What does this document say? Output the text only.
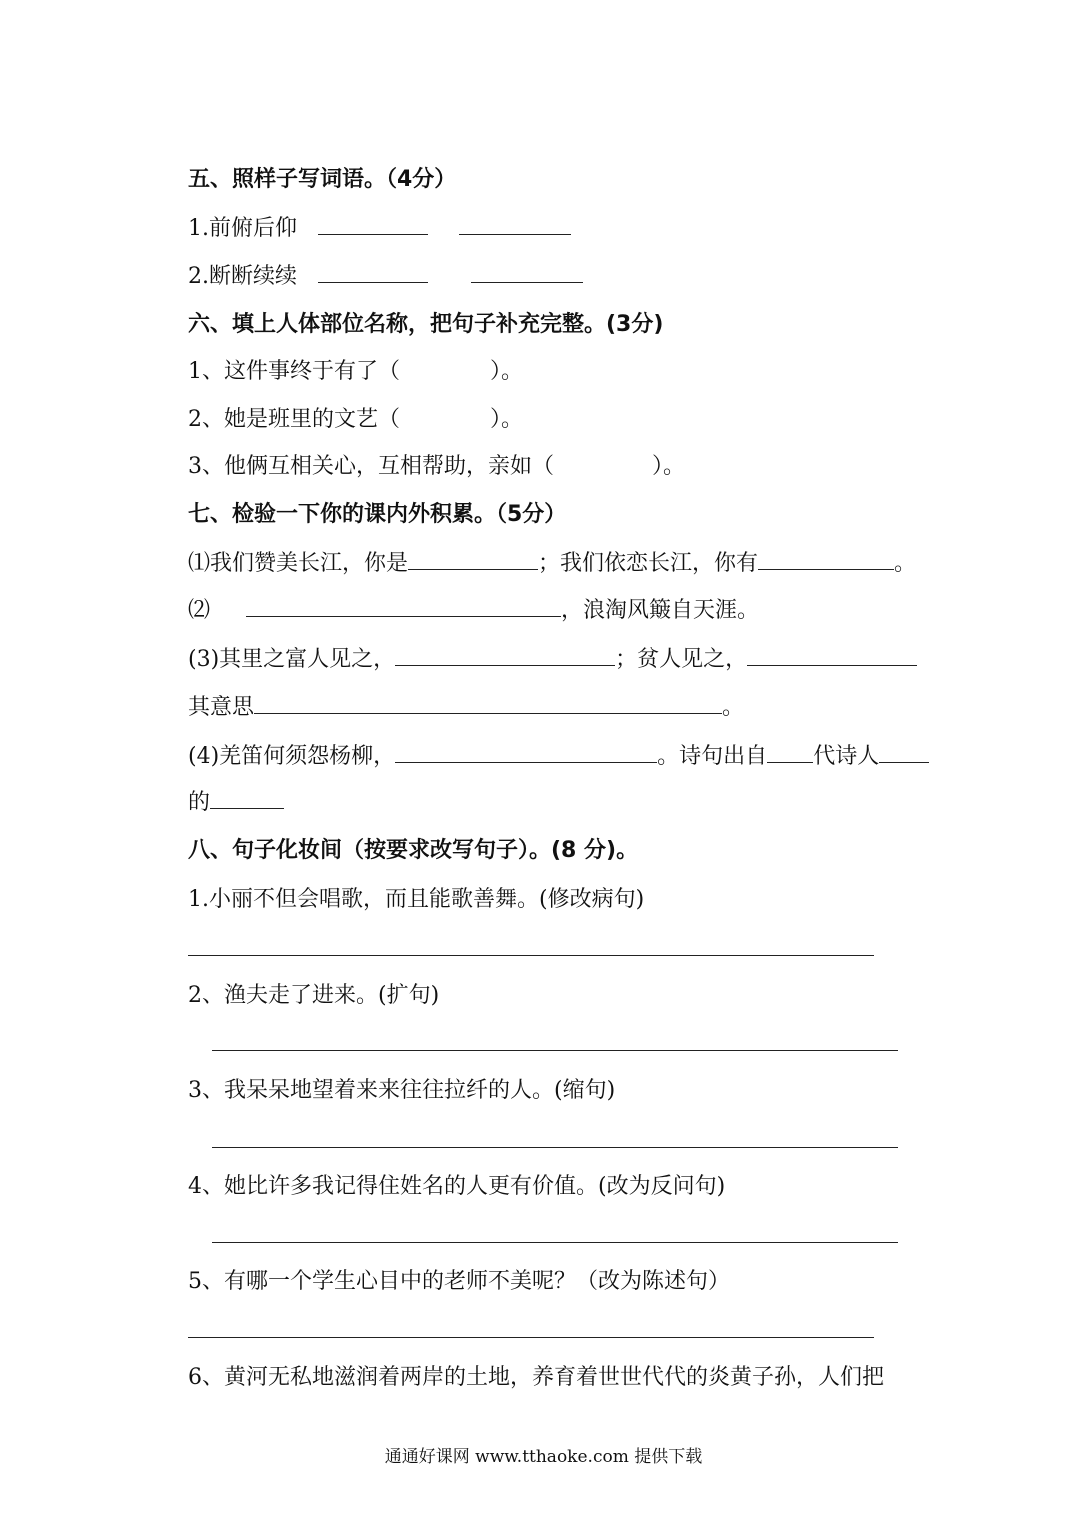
五、照样子写词语。（4分）
1.前俯后仰
2.断断续续
六、填上人体部位名称，把句子补充完整。(3分)
1、这件事终于有了（	）。
2、她是班里的文艺（	）。
3、他俩互相关心，互相帮助，亲如（	）。
七、检验一下你的课内外积累。（5分）
⑴我们赞美长江，你是	；我们依恋长江，你有	。
⑵	，浪淘风簸自天涯。
(3)其里之富人见之，	；贫人见之，
其意思	。
(4)羌笛何须怨杨柳，	。诗句出自 代诗人
的
八、句子化妆间（按要求改写句子）。(8 分)。
1.小丽不但会唱歌，而且能歌善舞。(修改病句)
2、渔夫走了进来。(扩句)
3、我呆呆地望着来来往往拉纤的人。(缩句)
4、她比许多我记得住姓名的人更有价值。(改为反问句)
5、有哪一个学生心目中的老师不美呢？（改为陈述句）
6、黄河无私地滋润着两岸的土地，养育着世世代代的炎黄子孙，人们把
通通好课网 www.tthaoke.com 提供下载
